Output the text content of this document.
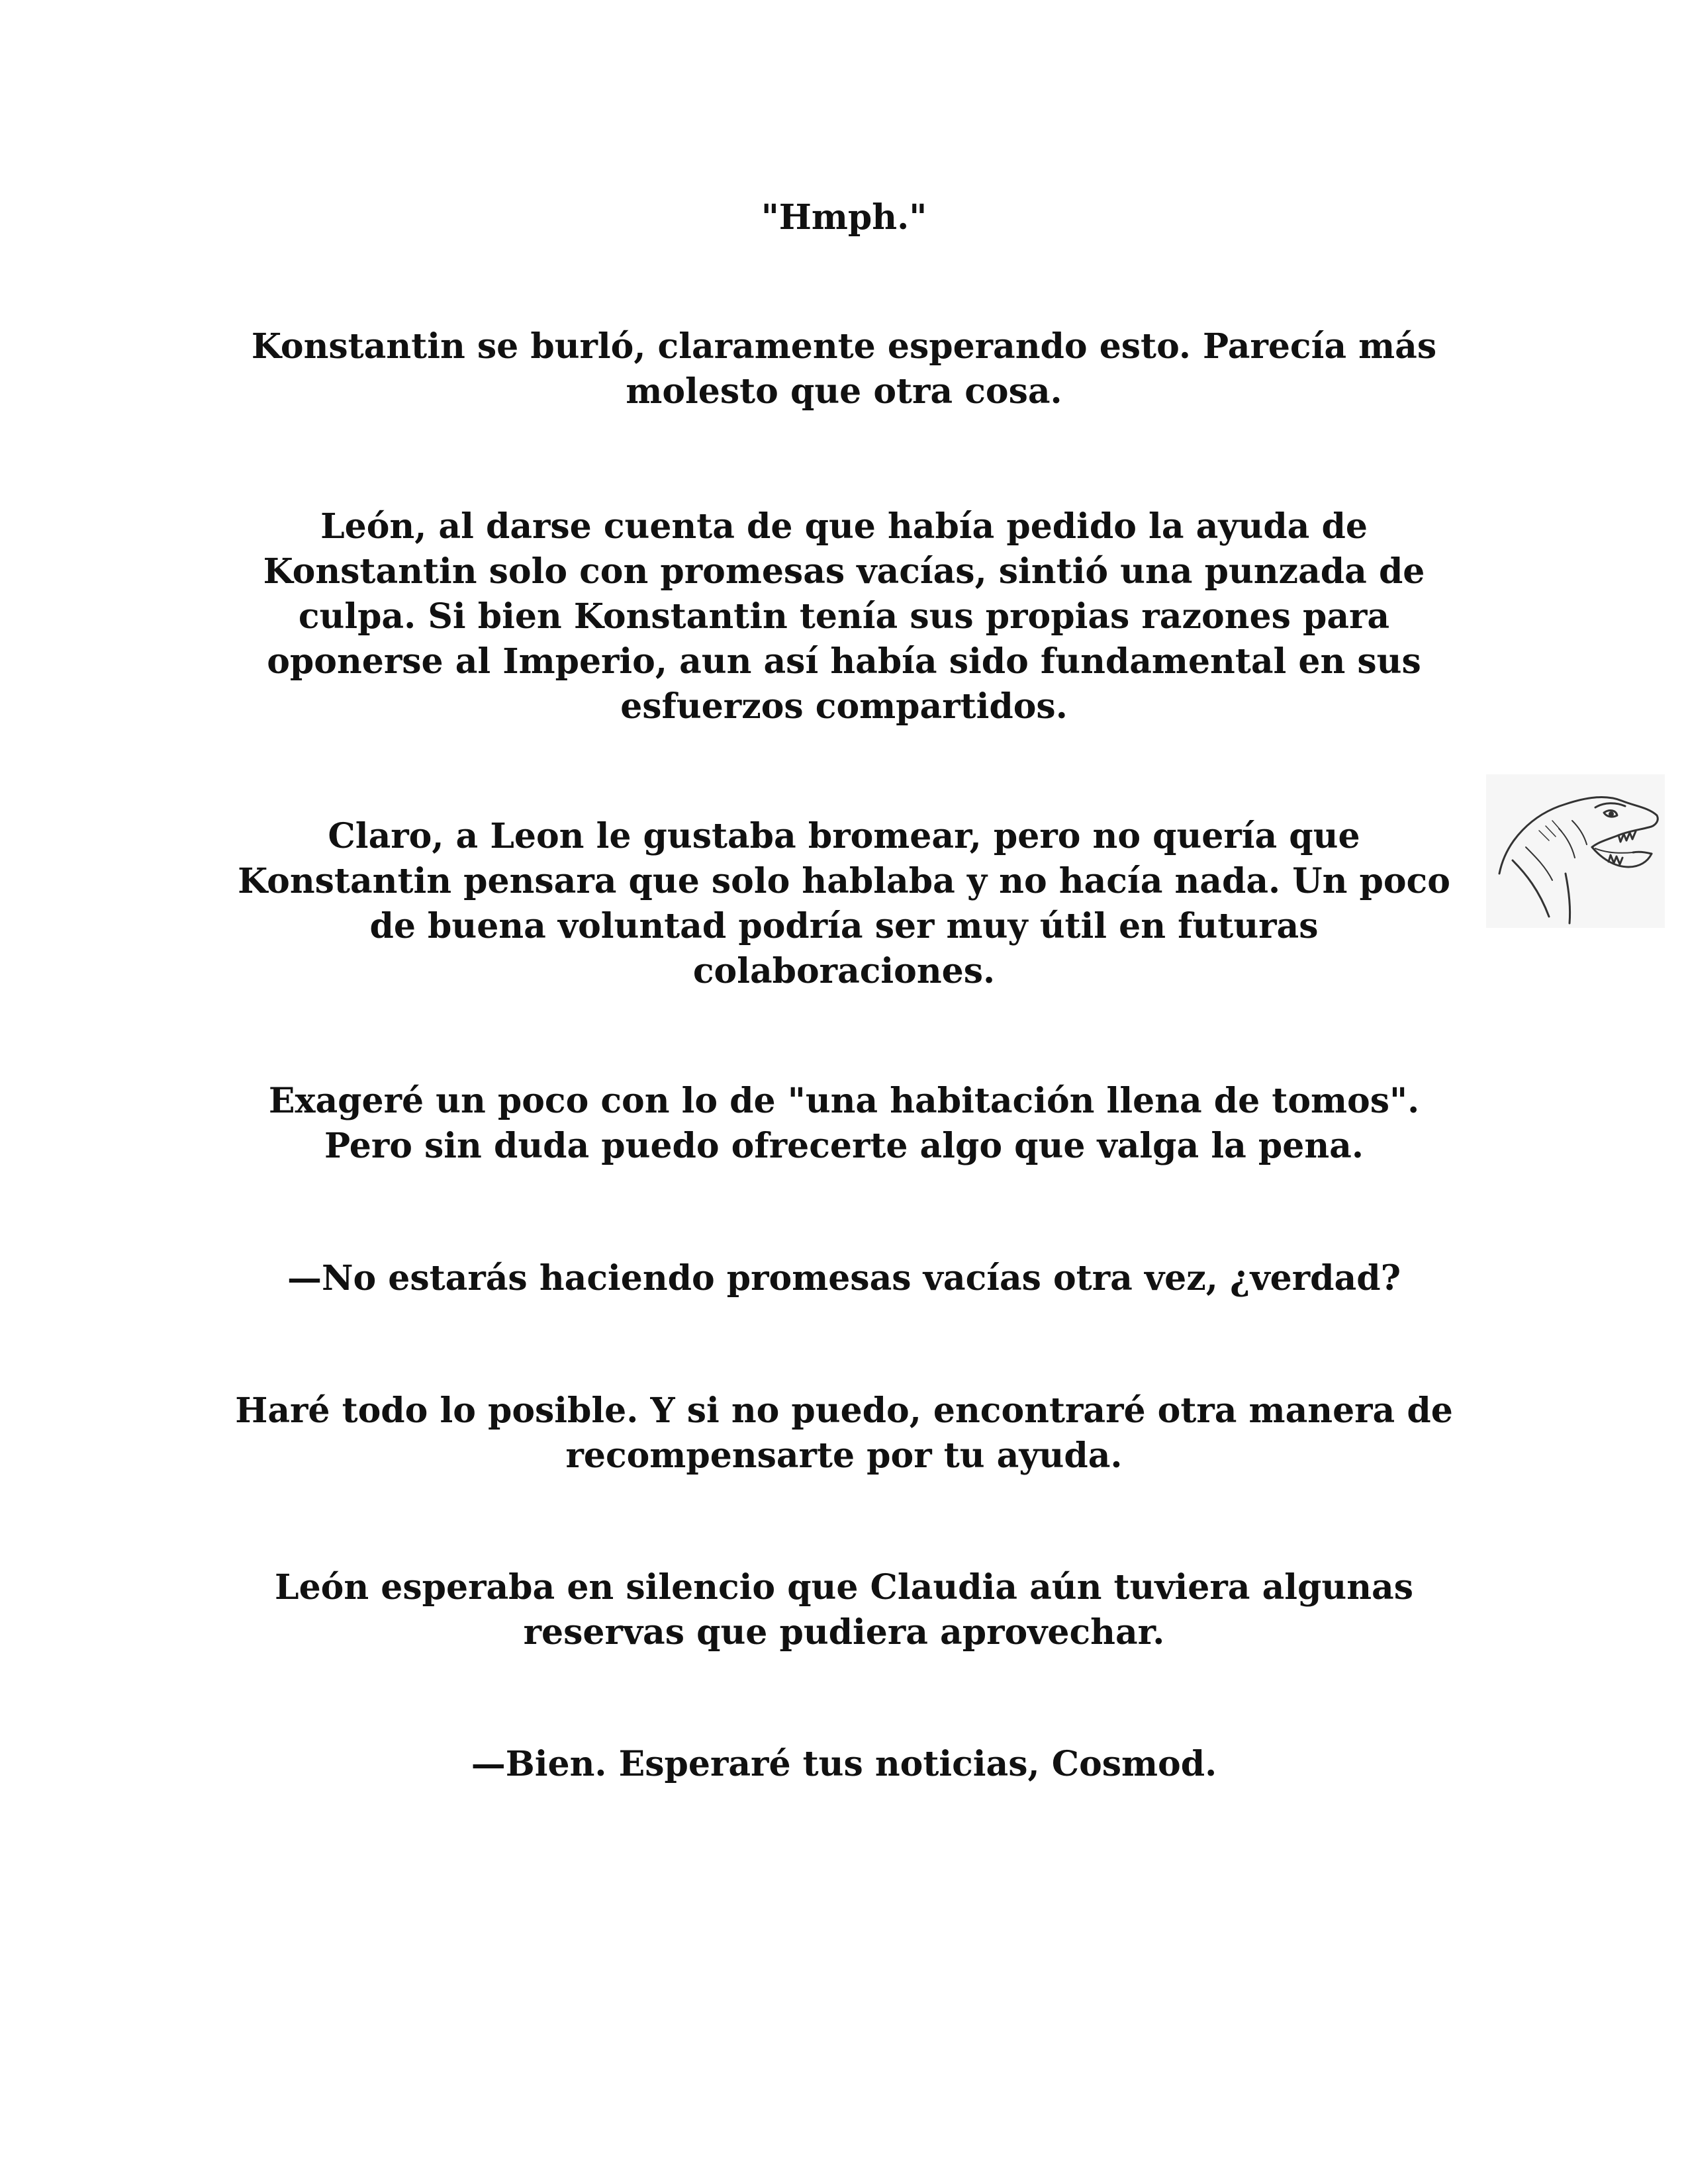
"Hmph."

Konstantin se burló, claramente esperando esto. Parecía más
molesto que otra cosa.

León, al darse cuenta de que había pedido la ayuda de
Konstantin solo con promesas vacías, sintió una punzada de
culpa. Si bien Konstantin tenía sus propias razones para
oponerse al Imperio, aun así había sido fundamental en sus
esfuerzos compartidos.

Claro, a Leon le gustaba bromear, pero no quería que
Konstantin pensara que solo hablaba y no hacía nada. Un poco
de buena voluntad podría ser muy útil en futuras
colaboraciones.

Exageré un poco con lo de "una habitación llena de tomos".
Pero sin duda puedo ofrecerte algo que valga la pena.

—No estarás haciendo promesas vacías otra vez, ¿verdad?

Haré todo lo posible. Y si no puedo, encontraré otra manera de
recompensarte por tu ayuda.

León esperaba en silencio que Claudia aún tuviera algunas
reservas que pudiera aprovechar.

—Bien. Esperaré tus noticias, Cosmod.
